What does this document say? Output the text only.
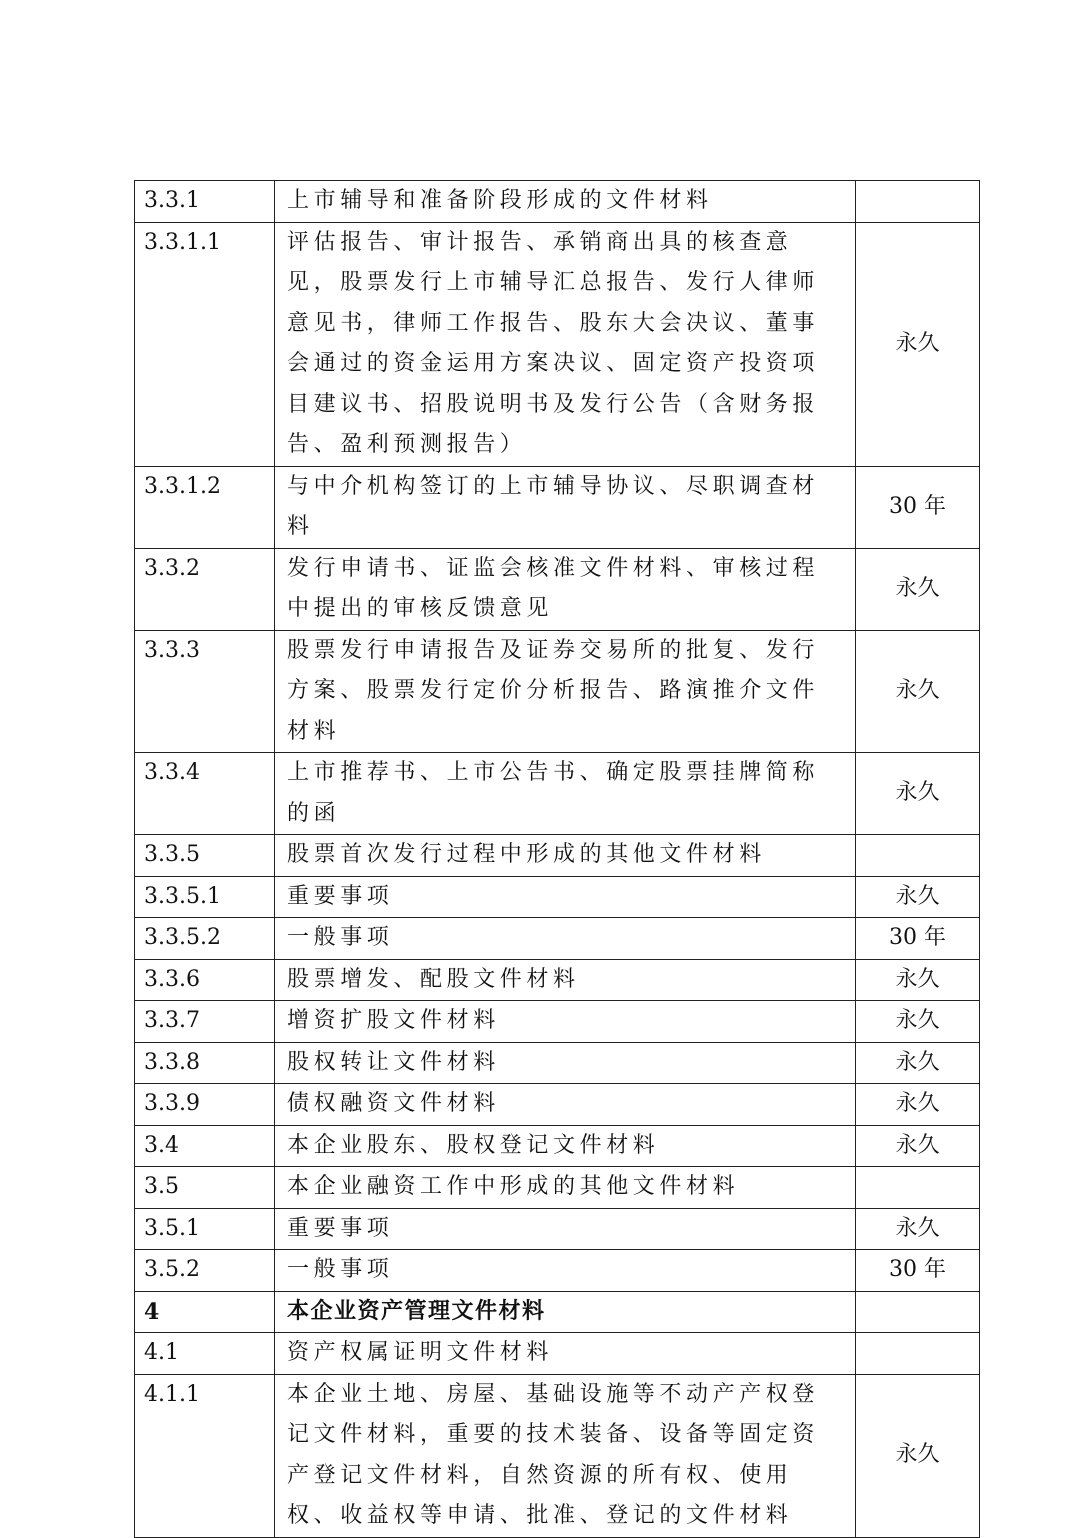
3.3.1	上市辅导和准备阶段形成的文件材料	
3.3.1.1	评估报告、审计报告、承销商出具的核查意见，股票发行上市辅导汇总报告、发行人律师意见书，律师工作报告、股东大会决议、董事会通过的资金运用方案决议、固定资产投资项目建议书、招股说明书及发行公告（含财务报告、盈利预测报告）	永久
3.3.1.2	与中介机构签订的上市辅导协议、尽职调查材料	30 年
3.3.2	发行申请书、证监会核准文件材料、审核过程中提出的审核反馈意见	永久
3.3.3	股票发行申请报告及证券交易所的批复、发行方案、股票发行定价分析报告、路演推介文件材料	永久
3.3.4	上市推荐书、上市公告书、确定股票挂牌简称的函	永久
3.3.5	股票首次发行过程中形成的其他文件材料	
3.3.5.1	重要事项	永久
3.3.5.2	一般事项	30 年
3.3.6	股票增发、配股文件材料	永久
3.3.7	增资扩股文件材料	永久
3.3.8	股权转让文件材料	永久
3.3.9	债权融资文件材料	永久
3.4	本企业股东、股权登记文件材料	永久
3.5	本企业融资工作中形成的其他文件材料	
3.5.1	重要事项	永久
3.5.2	一般事项	30 年
4	本企业资产管理文件材料	
4.1	资产权属证明文件材料	
4.1.1	本企业土地、房屋、基础设施等不动产产权登记文件材料，重要的技术装备、设备等固定资产登记文件材料，自然资源的所有权、使用权、收益权等申请、批准、登记的文件材料	永久
